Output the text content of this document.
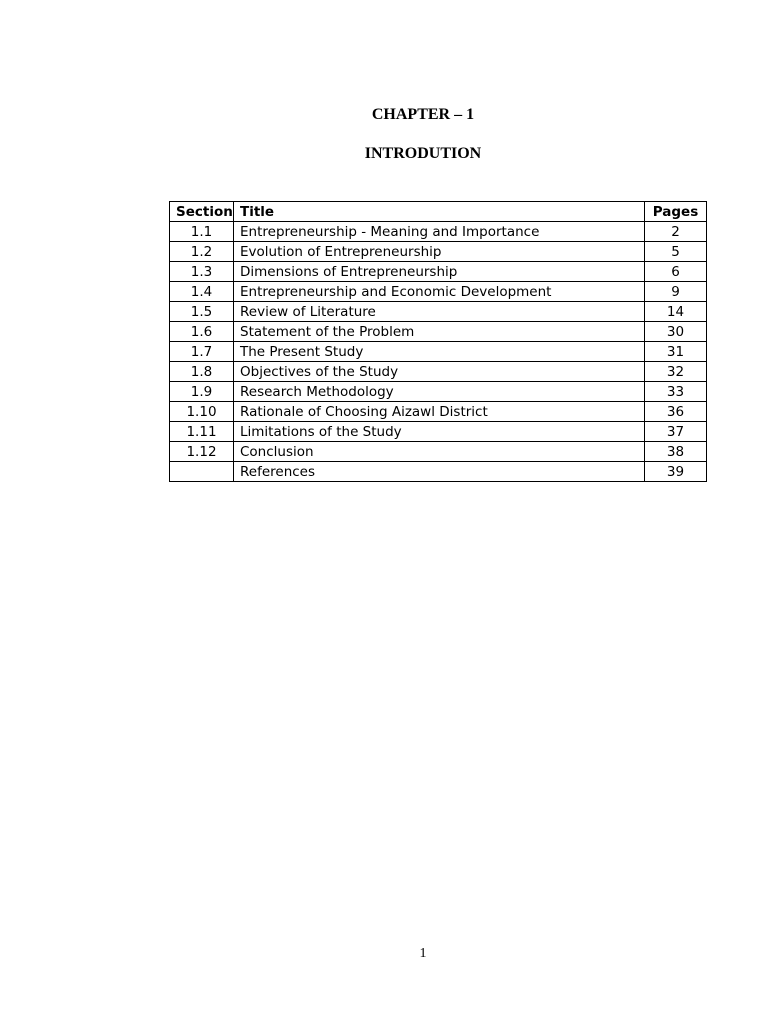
CHAPTER – 1
INTRODUTION
Section	Title	Pages
1.1	Entrepreneurship - Meaning and Importance	2
1.2	Evolution of Entrepreneurship	5
1.3	Dimensions of Entrepreneurship	6
1.4	Entrepreneurship and Economic Development	9
1.5	Review of Literature	14
1.6	Statement of the Problem	30
1.7	The Present Study	31
1.8	Objectives of the Study	32
1.9	Research Methodology	33
1.10	Rationale of Choosing Aizawl District	36
1.11	Limitations of the Study	37
1.12	Conclusion	38
	References	39
1
